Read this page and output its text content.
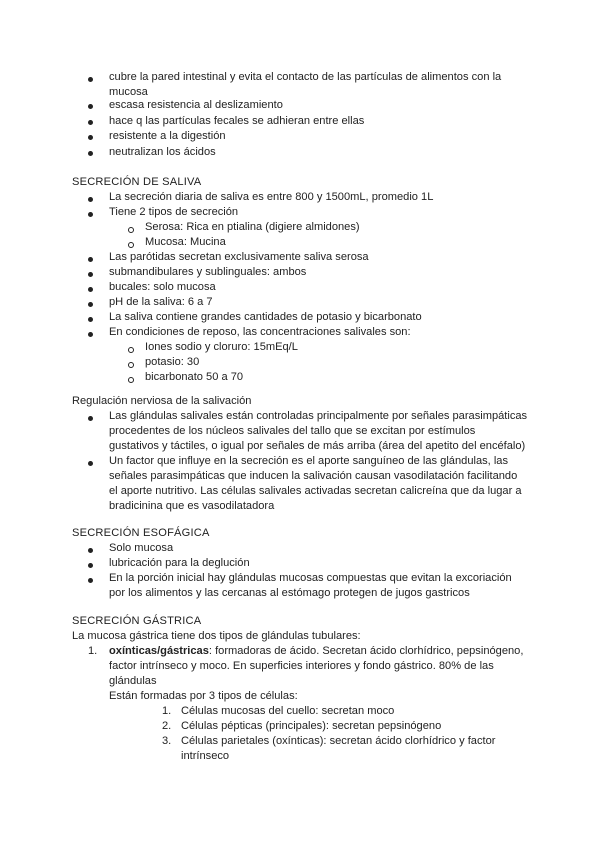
cubre la pared intestinal y evita el contacto de las partículas de alimentos con la
mucosa
escasa resistencia al deslizamiento
hace q las partículas fecales se adhieran entre ellas
resistente a la digestión
neutralizan los ácidos
SECRECIÓN DE SALIVA
La secreción diaria de saliva es entre 800 y 1500mL, promedio 1L
Tiene 2 tipos de secreción
Serosa: Rica en ptialina (digiere almidones)
Mucosa: Mucina
Las parótidas secretan exclusivamente saliva serosa
submandibulares y sublinguales: ambos
bucales: solo mucosa
pH de la saliva: 6 a 7
La saliva contiene grandes cantidades de potasio y bicarbonato
En condiciones de reposo, las concentraciones salivales son:
Iones sodio y cloruro: 15mEq/L
potasio: 30
bicarbonato 50 a 70
Regulación nerviosa de la salivación
Las glándulas salivales están controladas principalmente por señales parasimpáticas
procedentes de los núcleos salivales del tallo que se excitan por estímulos
gustativos y táctiles, o igual por señales de más arriba (área del apetito del encéfalo)
Un factor que influye en la secreción es el aporte sanguíneo de las glándulas, las
señales parasimpáticas que inducen la salivación causan vasodilatación facilitando
el aporte nutritivo. Las células salivales activadas secretan calicreína que da lugar a
bradicinina que es vasodilatadora
SECRECIÓN ESOFÁGICA
Solo mucosa
lubricación para la deglución
En la porción inicial hay glándulas mucosas compuestas que evitan la excoriación
por los alimentos y las cercanas al estómago protegen de jugos gastricos
SECRECIÓN GÁSTRICA
La mucosa gástrica tiene dos tipos de glándulas tubulares:
1. oxínticas/gástricas: formadoras de ácido. Secretan ácido clorhídrico, pepsinógeno,
factor intrínseco y moco. En superficies interiores y fondo gástrico. 80% de las
glándulas
Están formadas por 3 tipos de células:
1. Células mucosas del cuello: secretan moco
2. Células pépticas (principales): secretan pepsinógeno
3. Células parietales (oxínticas): secretan ácido clorhídrico y factor
intrínseco
